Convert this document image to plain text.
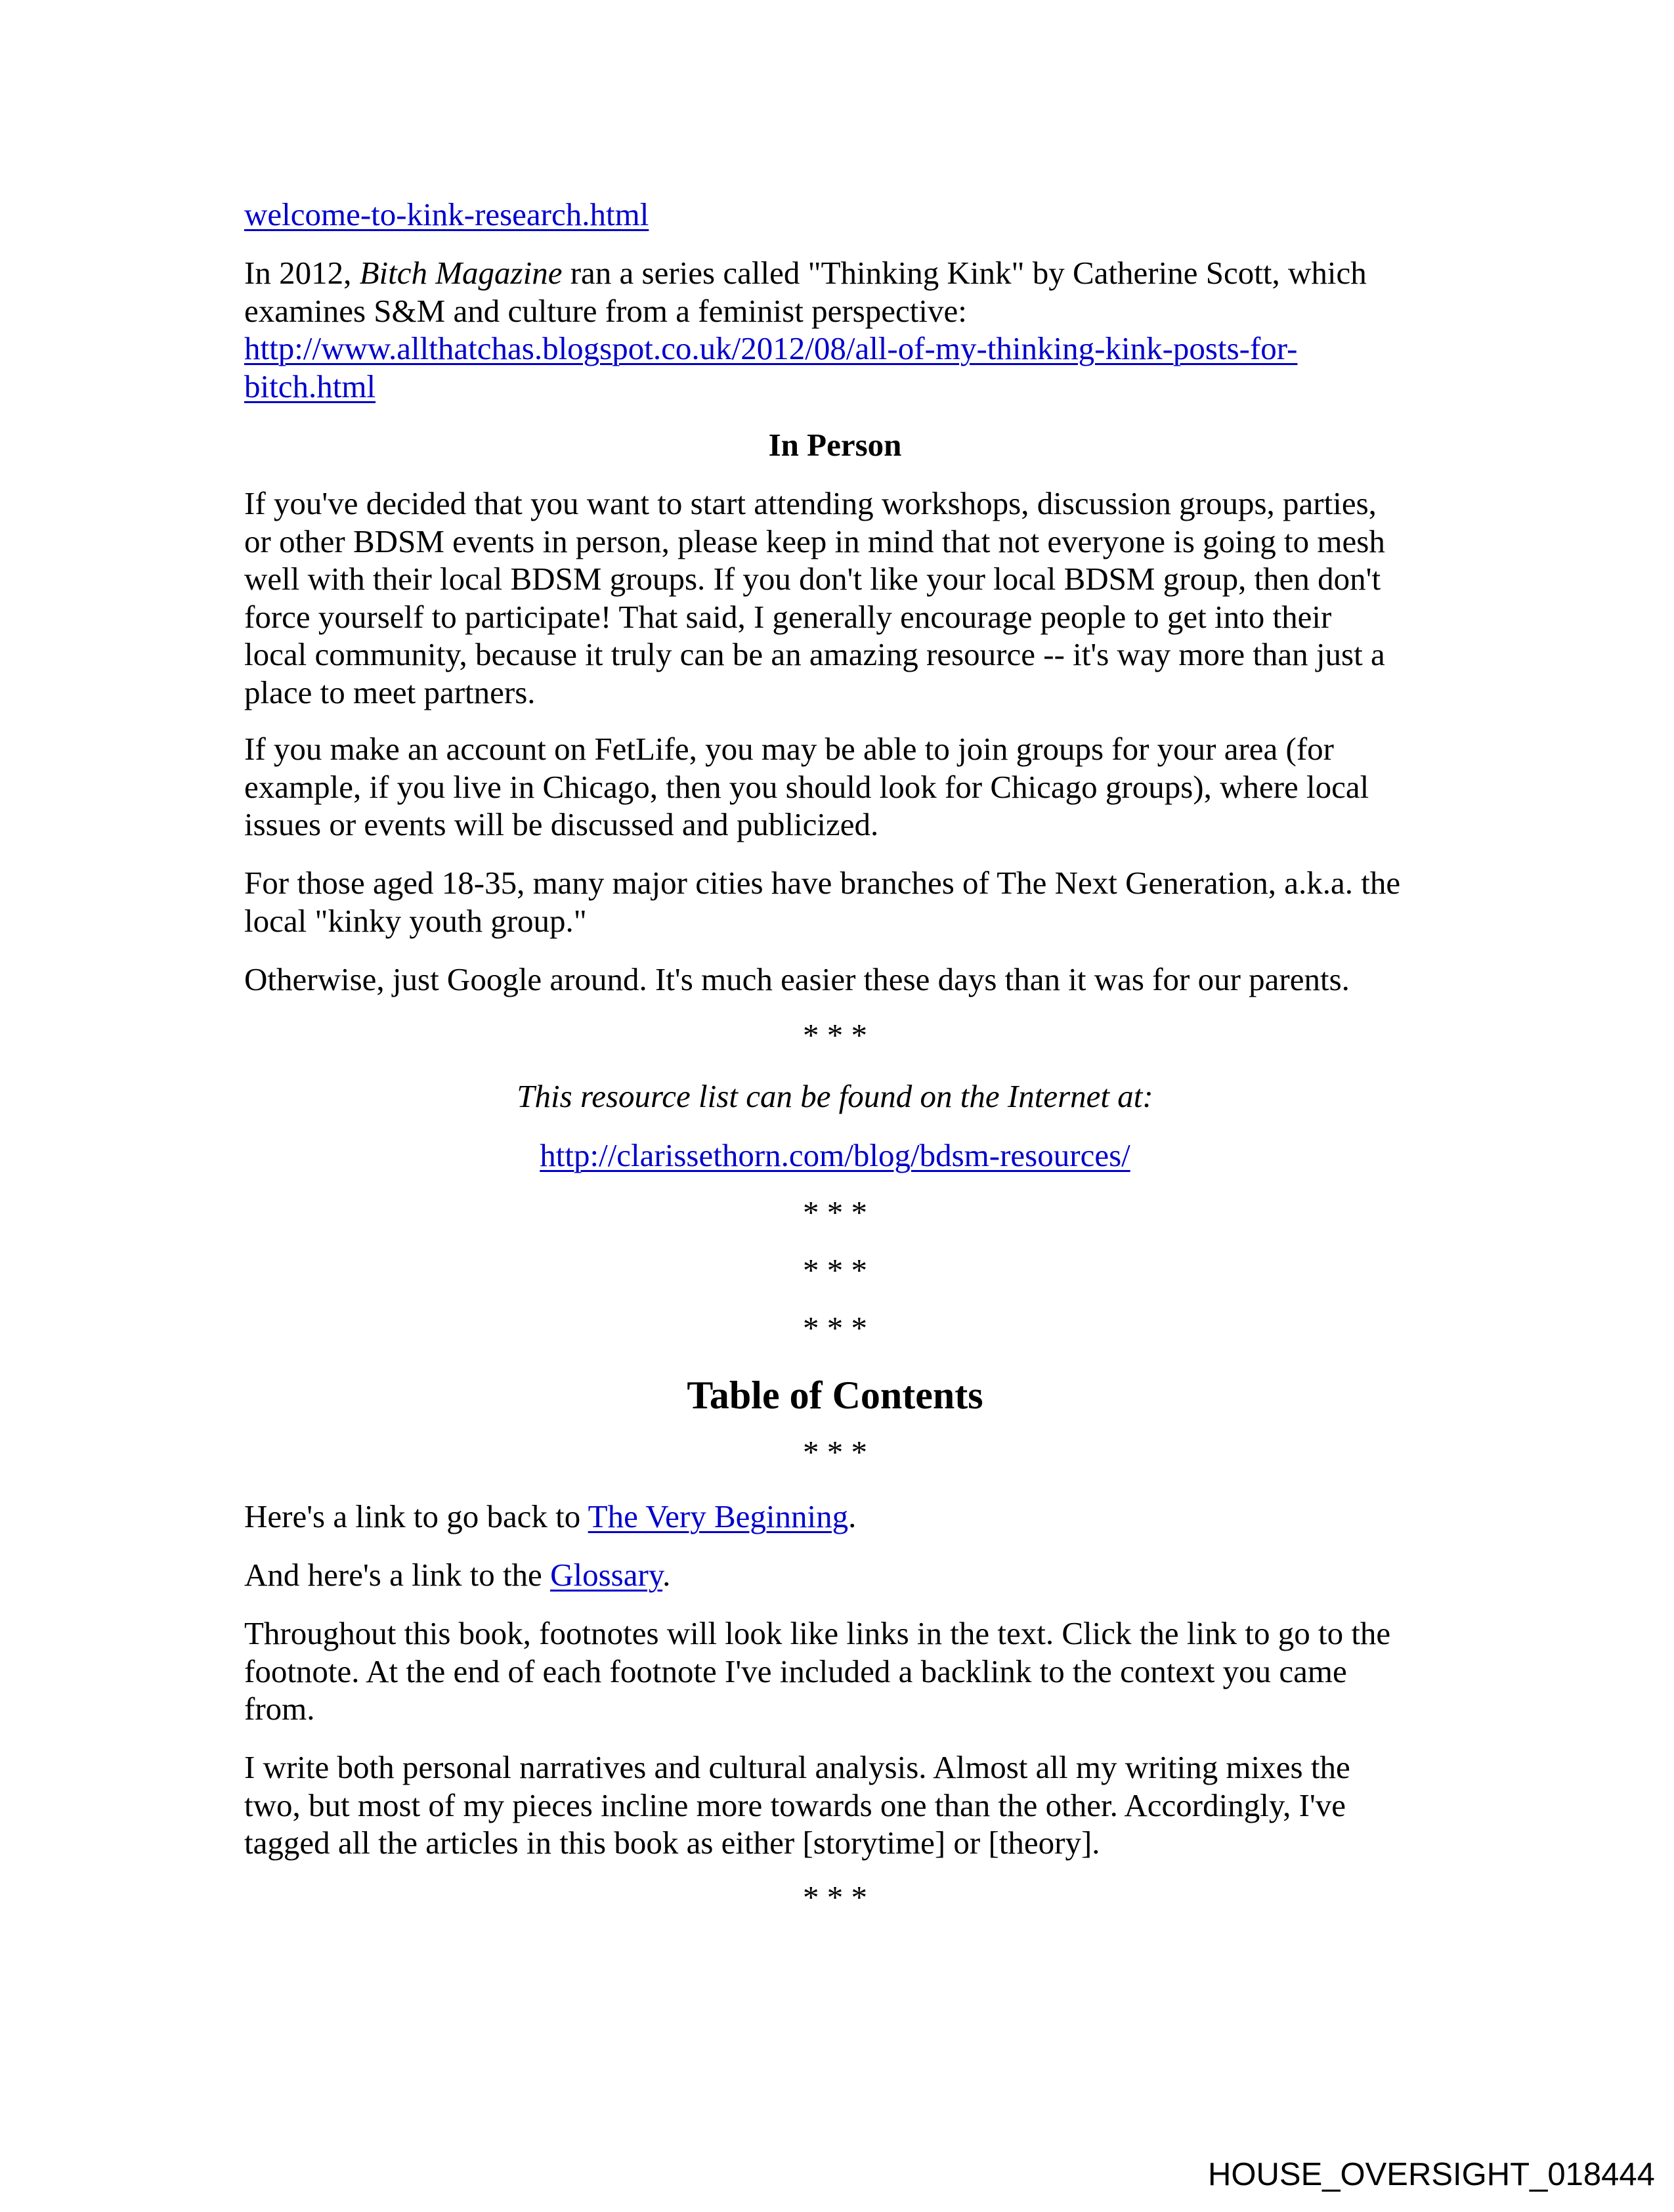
welcome-to-kink-research.html
In 2012, Bitch Magazine ran a series called "Thinking Kink" by Catherine Scott, which
examines S&M and culture from a feminist perspective:
http://www.allthatchas.blogspot.co.uk/2012/08/all-of-my-thinking-kink-posts-for-
bitch.html
In Person
If you've decided that you want to start attending workshops, discussion groups, parties,
or other BDSM events in person, please keep in mind that not everyone is going to mesh
well with their local BDSM groups. If you don't like your local BDSM group, then don't
force yourself to participate! That said, I generally encourage people to get into their
local community, because it truly can be an amazing resource -- it's way more than just a
place to meet partners.
If you make an account on FetLife, you may be able to join groups for your area (for
example, if you live in Chicago, then you should look for Chicago groups), where local
issues or events will be discussed and publicized.
For those aged 18-35, many major cities have branches of The Next Generation, a.k.a. the
local "kinky youth group."
Otherwise, just Google around. It's much easier these days than it was for our parents.
* * *
This resource list can be found on the Internet at:
http://clarissethorn.com/blog/bdsm-resources/
* * *
* * *
* * *
Table of Contents
* * *
Here's a link to go back to The Very Beginning.
And here's a link to the Glossary.
Throughout this book, footnotes will look like links in the text. Click the link to go to the
footnote. At the end of each footnote I've included a backlink to the context you came
from.
I write both personal narratives and cultural analysis. Almost all my writing mixes the
two, but most of my pieces incline more towards one than the other. Accordingly, I've
tagged all the articles in this book as either [storytime] or [theory].
* * *
HOUSE_OVERSIGHT_018444
